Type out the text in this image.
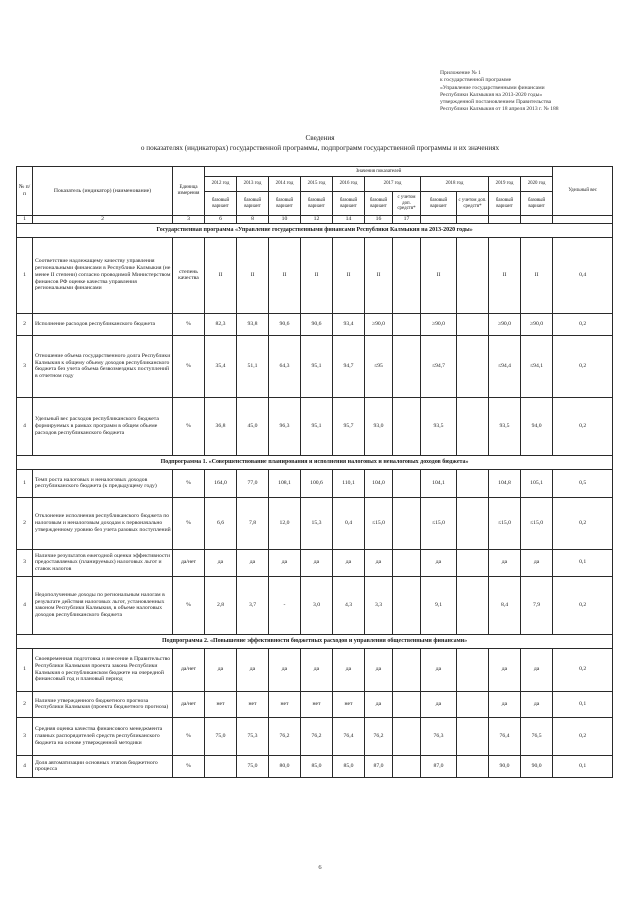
Приложение № 1
к государственной программе
«Управление государственными финансами
Республики Калмыкия на 2013-2020 годы»
утвержденной постановлением Правительства
Республики Калмыкия от 18 апреля 2013 г. № 188
Сведения
о показателях (индикаторах) государственной программы, подпрограмм государственной программы и их значениях
№ п/п	Показатель (индикатор) (наименование)	Единица измерения	Значения показателей											Удельный вес
			2012 год	2013 год	2014 год	2015 год	2016 год	2017 год		2018 год		2019 год	2020 год	
			базовый вариант	базовый вариант	базовый вариант	базовый вариант	базовый вариант	базовый вариант	с учетом доп. средств*	базовый вариант	с учетом доп. средств*	базовый вариант	базовый вариант	
1	2	3	6	8	10	12	14	16	17					
Государственная программа «Управление государственными финансами Республики Калмыкия на 2013-2020 годы»														
1	Соответствие надлежащему качеству управления региональными финансами в Республике Калмыкия (не менее II степени) согласно проводимой Министерством финансов РФ оценке качества управления региональными финансами	степень качества	II	II	II	II	II	II		II		II	II	0,4
2	Исполнение расходов республиканского бюджета	%	82,3	93,8	90,6	90,6	93,4	≥90,0		≥90,0		≥90,0	≥90,0	0,2
3	Отношение объема государственного долга Республики Калмыкия к общему объему доходов республиканского бюджета без учета объема безвозмездных поступлений в отчетном году	%	35,4	51,1	64,3	95,1	94,7	≤95		≤94,7		≤94,4	≤94,1	0,2
4	Удельный вес расходов республиканского бюджета формируемых в рамках программ в общем объеме расходов республиканского бюджета	%	36,8	45,0	96,3	95,1	95,7	93,0		93,5		93,5	94,0	0,2
Подпрограмма 1. «Совершенствование планирования и исполнения налоговых и неналоговых доходов бюджета»														
1	Темп роста налоговых и неналоговых доходов республиканского бюджета (к предыдущему году)	%	164,0	77,0	108,1	100,6	110,1	104,0		104,1		104,8	105,1	0,5
2	Отклонение исполнения республиканского бюджета по налоговым и неналоговым доходам к первоначально утвержденному уровню без учета разовых поступлений	%	6,6	7,8	12,0	15,3	0,4	≤15,0		≤15,0		≤15,0	≤15,0	0,2
3	Наличие результатов ежегодной оценки эффективности предоставляемых (планируемых) налоговых льгот и ставок налогов	да/нет	да	да	да	да	да	да		да		да	да	0,1
4	Недополученные доходы по региональным налогам в результате действия налоговых льгот, установленных законом Республики Калмыкия, в объеме налоговых доходов республиканского бюджета	%	2,8	3,7	-	3,0	4,3	3,3		9,1		8,4	7,9	0,2
Подпрограмма 2. «Повышение эффективности бюджетных расходов и управления общественными финансами»														
1	Своевременная подготовка и внесение в Правительство Республики Калмыкия проекта закона Республики Калмыкия о республиканском бюджете на очередной финансовый год и плановый период	да/нет	да	да	да	да	да	да		да		да	да	0,2
2	Наличие утвержденного бюджетного прогноза Республики Калмыкия (проекта бюджетного прогноза)	да/нет	нет	нет	нет	нет	нет	да		да		да	да	0,1
3	Средняя оценка качества финансового менеджмента главных распорядителей средств республиканского бюджета на основе утвержденной методики	%	75,0	75,3	76,2	76,2	76,4	76,2		76,3		76,4	76,5	0,2
4	Доля автоматизации основных этапов бюджетного процесса	%		75,0	80,0	85,0	85,0	87,0		87,0		90,0	90,0	0,1
6
